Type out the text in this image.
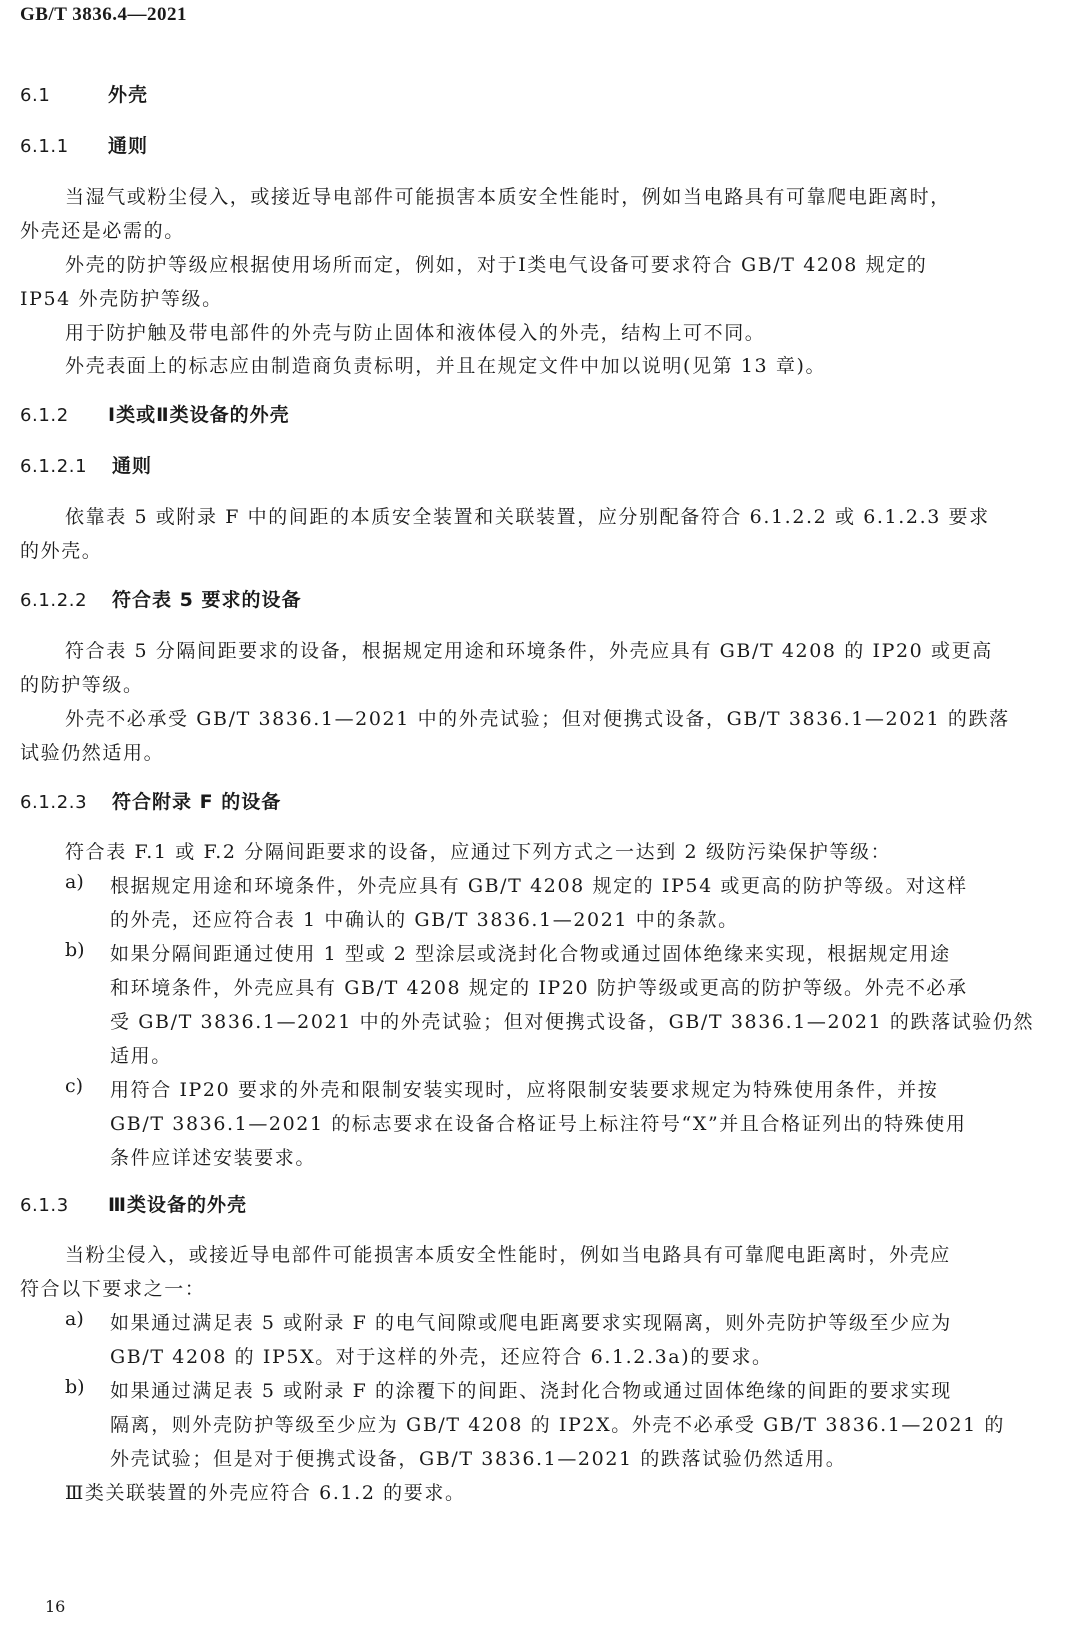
GB/T 3836.4—2021
6.1	外壳
6.1.1 通则
当湿气或粉尘侵入，或接近导电部件可能损害本质安全性能时，例如当电路具有可靠爬电距离时，
外壳还是必需的。
外壳的防护等级应根据使用场所而定，例如，对于Ⅰ类电气设备可要求符合 GB/T 4208 规定的
IP54 外壳防护等级。
用于防护触及带电部件的外壳与防止固体和液体侵入的外壳，结构上可不同。
外壳表面上的标志应由制造商负责标明，并且在规定文件中加以说明(见第 13 章)。
6.1.2 Ⅰ类或Ⅱ类设备的外壳
6.1.2.1 通则
依靠表 5 或附录 F 中的间距的本质安全装置和关联装置，应分别配备符合 6.1.2.2 或 6.1.2.3 要求
的外壳。
6.1.2.2 符合表 5 要求的设备
符合表 5 分隔间距要求的设备，根据规定用途和环境条件，外壳应具有 GB/T 4208 的 IP20 或更高
的防护等级。
外壳不必承受 GB/T 3836.1—2021 中的外壳试验；但对便携式设备，GB/T 3836.1—2021 的跌落
试验仍然适用。
6.1.2.3 符合附录 F 的设备
符合表 F.1 或 F.2 分隔间距要求的设备，应通过下列方式之一达到 2 级防污染保护等级：
a) 根据规定用途和环境条件，外壳应具有 GB/T 4208 规定的 IP54 或更高的防护等级。对这样
的外壳，还应符合表 1 中确认的 GB/T 3836.1—2021 中的条款。
b) 如果分隔间距通过使用 1 型或 2 型涂层或浇封化合物或通过固体绝缘来实现，根据规定用途
和环境条件，外壳应具有 GB/T 4208 规定的 IP20 防护等级或更高的防护等级。外壳不必承
受 GB/T 3836.1—2021 中的外壳试验；但对便携式设备，GB/T 3836.1—2021 的跌落试验仍然
适用。
c) 用符合 IP20 要求的外壳和限制安装实现时，应将限制安装要求规定为特殊使用条件，并按
GB/T 3836.1—2021 的标志要求在设备合格证号上标注符号“X”并且合格证列出的特殊使用
条件应详述安装要求。
6.1.3 Ⅲ类设备的外壳
当粉尘侵入，或接近导电部件可能损害本质安全性能时，例如当电路具有可靠爬电距离时，外壳应
符合以下要求之一：
a) 如果通过满足表 5 或附录 F 的电气间隙或爬电距离要求实现隔离，则外壳防护等级至少应为
GB/T 4208 的 IP5X。对于这样的外壳，还应符合 6.1.2.3a)的要求。
b) 如果通过满足表 5 或附录 F 的涂覆下的间距、浇封化合物或通过固体绝缘的间距的要求实现
隔离，则外壳防护等级至少应为 GB/T 4208 的 IP2X。外壳不必承受 GB/T 3836.1—2021 的
外壳试验；但是对于便携式设备，GB/T 3836.1—2021 的跌落试验仍然适用。
Ⅲ类关联装置的外壳应符合 6.1.2 的要求。
16
